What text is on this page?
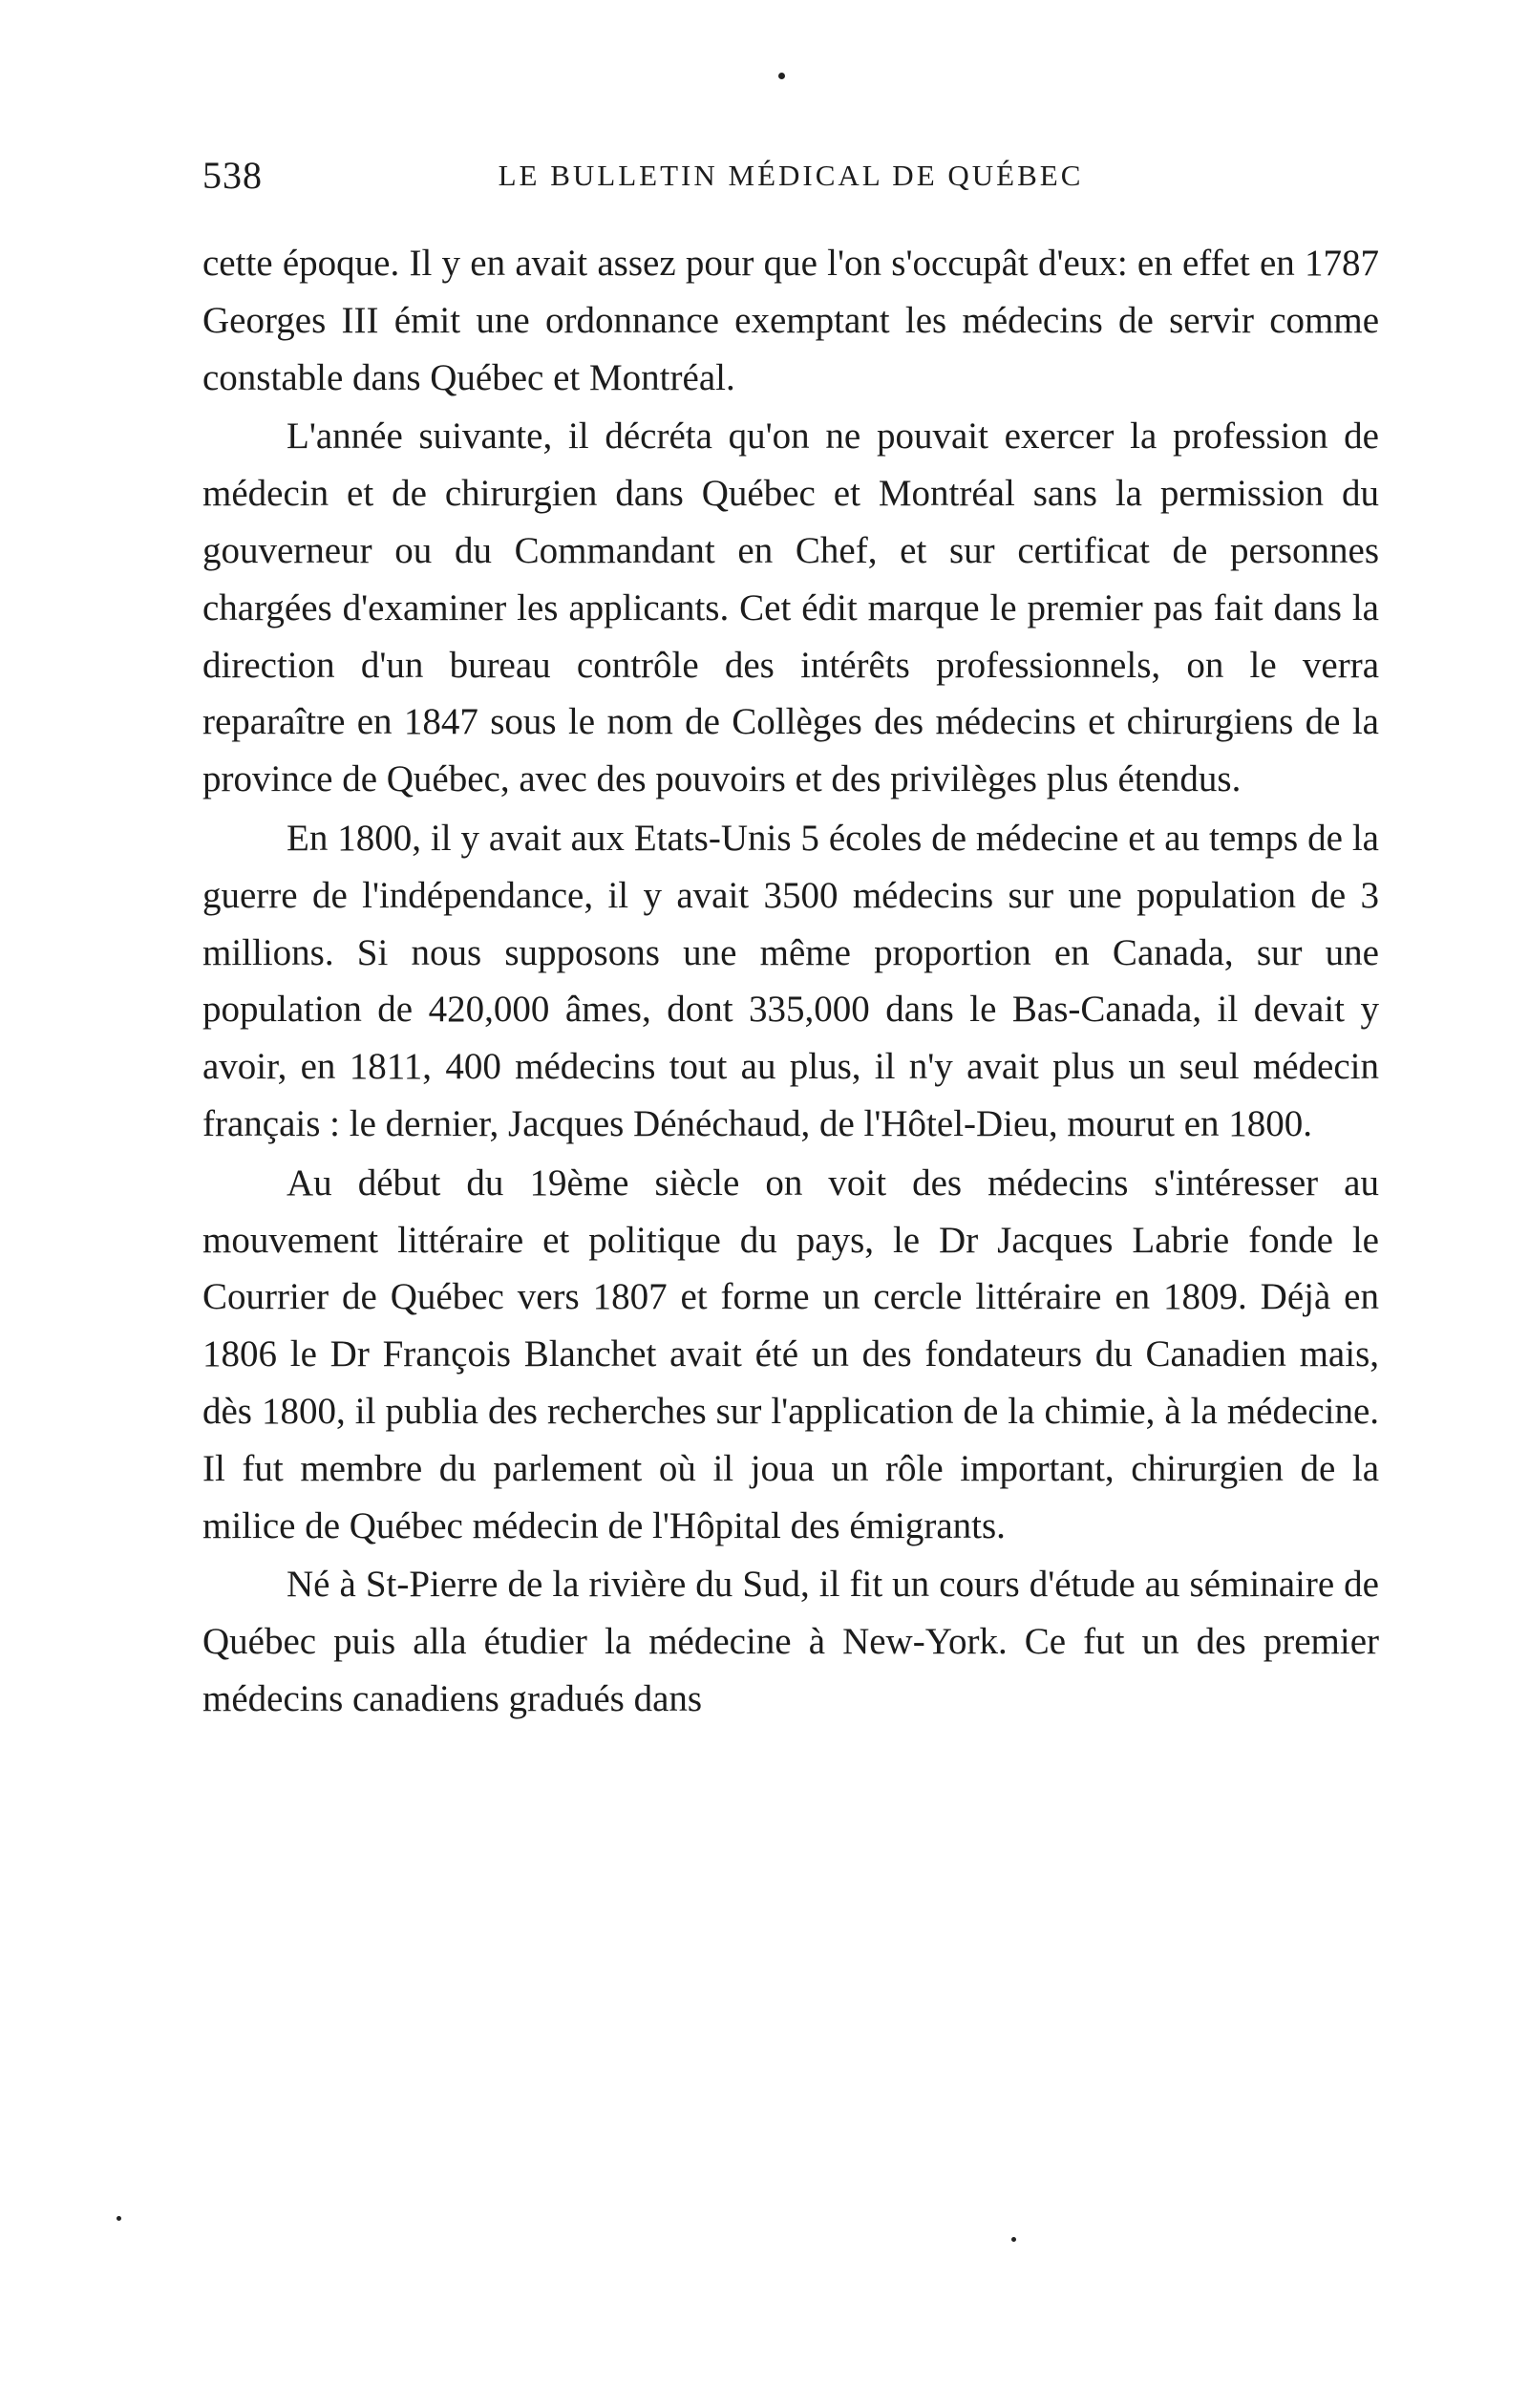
538	LE BULLETIN MÉDICAL DE QUÉBEC

cette époque. Il y en avait assez pour que l'on s'occupât d'eux: en effet en 1787 Georges III émit une ordonnance exemptant les médecins de servir comme constable dans Québec et Montréal.

L'année suivante, il décréta qu'on ne pouvait exercer la profession de médecin et de chirurgien dans Québec et Montréal sans la permission du gouverneur ou du Commandant en Chef, et sur certificat de personnes chargées d'examiner les applicants. Cet édit marque le premier pas fait dans la direction d'un bureau contrôle des intérêts professionnels, on le verra reparaître en 1847 sous le nom de Collèges des médecins et chirurgiens de la province de Québec, avec des pouvoirs et des privilèges plus étendus.

En 1800, il y avait aux Etats-Unis 5 écoles de médecine et au temps de la guerre de l'indépendance, il y avait 3500 médecins sur une population de 3 millions. Si nous supposons une même proportion en Canada, sur une population de 420,000 âmes, dont 335,000 dans le Bas-Canada, il devait y avoir, en 1811, 400 médecins tout au plus, il n'y avait plus un seul médecin français : le dernier, Jacques Dénéchaud, de l'Hôtel-Dieu, mourut en 1800.

Au début du 19ème siècle on voit des médecins s'intéresser au mouvement littéraire et politique du pays, le Dr Jacques Labrie fonde le Courrier de Québec vers 1807 et forme un cercle littéraire en 1809. Déjà en 1806 le Dr François Blanchet avait été un des fondateurs du Canadien mais, dès 1800, il publia des recherches sur l'application de la chimie, à la médecine. Il fut membre du parlement où il joua un rôle important, chirurgien de la milice de Québec médecin de l'Hôpital des émigrants.

Né à St-Pierre de la rivière du Sud, il fit un cours d'étude au séminaire de Québec puis alla étudier la médecine à New-York. Ce fut un des premier médecins canadiens gradués dans
